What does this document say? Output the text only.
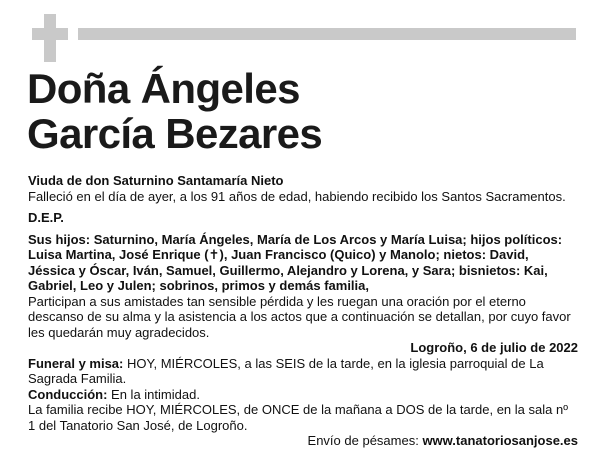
Doña Ángeles
García Bezares

Viuda de don Saturnino Santamaría Nieto

Falleció en el día de ayer, a los 91 años de edad, habiendo recibido los Santos Sacramentos.

D.E.P.

Sus hijos: Saturnino, María Ángeles, María de Los Arcos y María Luisa; hijos políticos: Luisa Martina, José Enrique (✝), Juan Francisco (Quico) y Manolo; nietos: David, Jéssica y Óscar, Iván, Samuel, Guillermo, Alejandro y Lorena, y Sara; bisnietos: Kai, Gabriel, Leo y Julen; sobrinos, primos y demás familia,

Participan a sus amistades tan sensible pérdida y les ruegan una oración por el eterno descanso de su alma y la asistencia a los actos que a continuación se detallan, por cuyo favor les quedarán muy agradecidos.

Logroño, 6 de julio de 2022

Funeral y misa: HOY, MIÉRCOLES, a las SEIS de la tarde, en la iglesia parroquial de La Sagrada Familia.

Conducción: En la intimidad.

La familia recibe HOY, MIÉRCOLES, de ONCE de la mañana a DOS de la tarde, en la sala nº 1 del Tanatorio San José, de Logroño.

Envío de pésames: www.tanatoriosanjose.es
